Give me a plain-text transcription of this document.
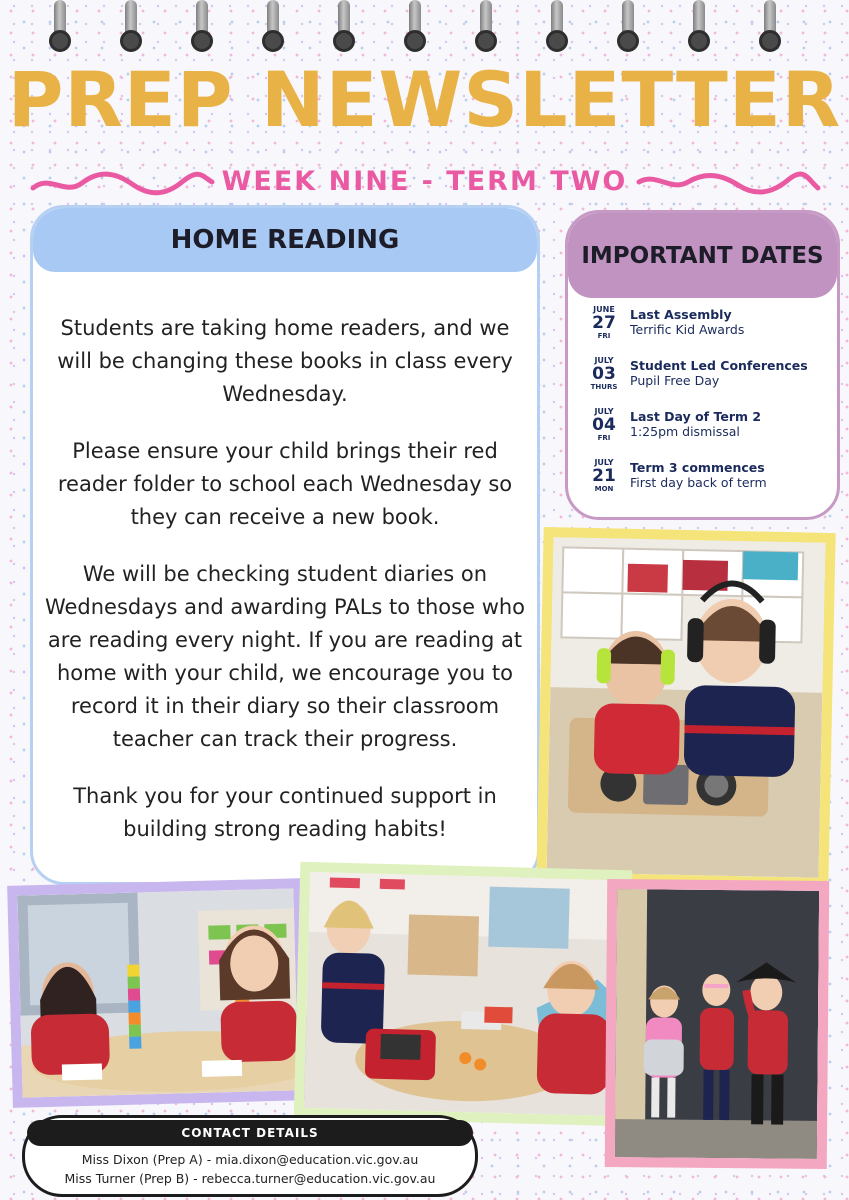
PREP NEWSLETTER
WEEK NINE - TERM TWO
HOME READING

Students are taking home readers, and we will be changing these books in class every Wednesday.

Please ensure your child brings their red reader folder to school each Wednesday so they can receive a new book.

We will be checking student diaries on Wednesdays and awarding PALs to those who are reading every night. If you are reading at home with your child, we encourage you to record it in their diary so their classroom teacher can track their progress.

Thank you for your continued support in building strong reading habits!

IMPORTANT DATES
JUNE
27
FRI
Last Assembly
Terrific Kid Awards
JULY
03
THURS
Student Led Conferences
Pupil Free Day
JULY
04
FRI
Last Day of Term 2
1:25pm dismissal
JULY
21
MON
Term 3 commences
First day back of term
CONTACT DETAILS
Miss Dixon (Prep A) - mia.dixon@education.vic.gov.au
Miss Turner (Prep B) - rebecca.turner@education.vic.gov.au
